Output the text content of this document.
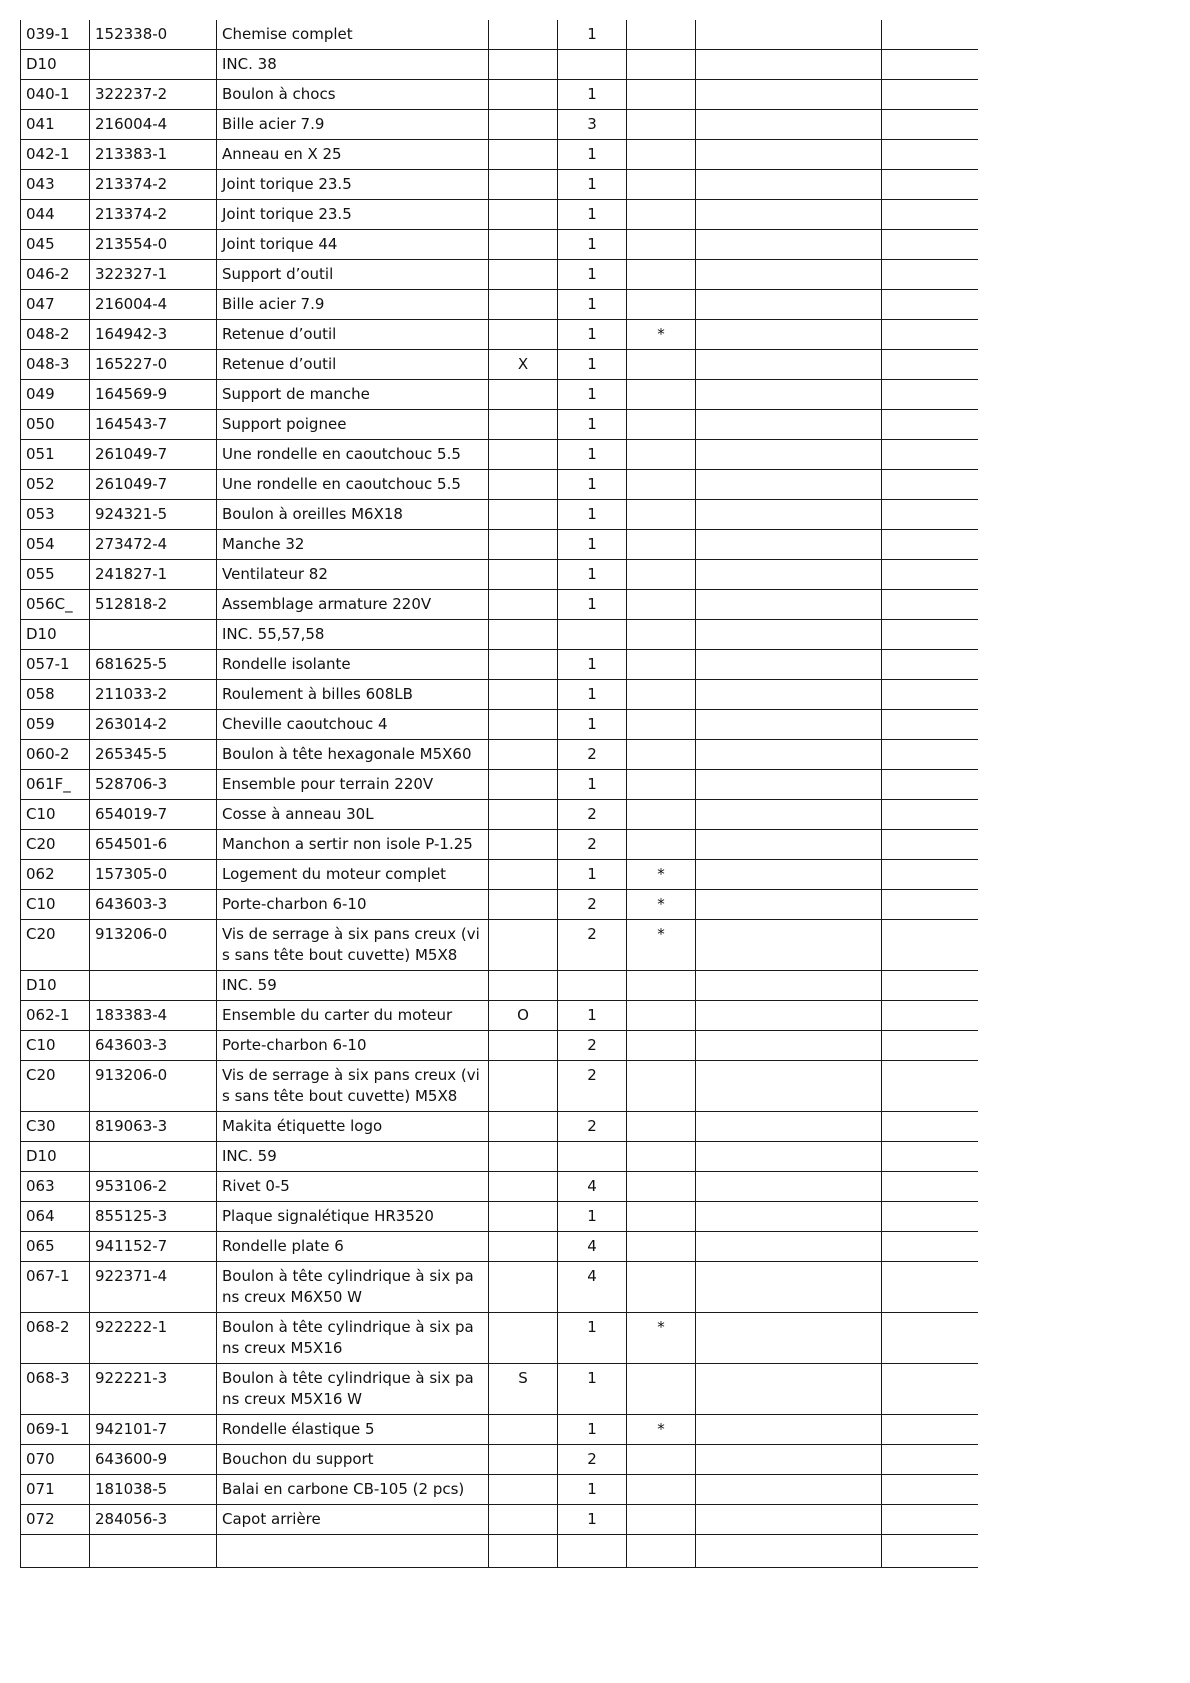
039-1	152338-0	Chemise complet		1			
D10		INC. 38					
040-1	322237-2	Boulon à chocs		1			
041	216004-4	Bille acier 7.9		3			
042-1	213383-1	Anneau en X 25		1			
043	213374-2	Joint torique 23.5		1			
044	213374-2	Joint torique 23.5		1			
045	213554-0	Joint torique 44		1			
046-2	322327-1	Support d’outil		1			
047	216004-4	Bille acier 7.9		1			
048-2	164942-3	Retenue d’outil		1	*		
048-3	165227-0	Retenue d’outil	X	1			
049	164569-9	Support de manche		1			
050	164543-7	Support poignee		1			
051	261049-7	Une rondelle en caoutchouc 5.5		1			
052	261049-7	Une rondelle en caoutchouc 5.5		1			
053	924321-5	Boulon à oreilles M6X18		1			
054	273472-4	Manche 32		1			
055	241827-1	Ventilateur 82		1			
056C_	512818-2	Assemblage armature 220V		1			
D10		INC. 55,57,58					
057-1	681625-5	Rondelle isolante		1			
058	211033-2	Roulement à billes 608LB		1			
059	263014-2	Cheville caoutchouc 4		1			
060-2	265345-5	Boulon à tête hexagonale M5X60		2			
061F_	528706-3	Ensemble pour terrain 220V		1			
C10	654019-7	Cosse à anneau 30L		2			
C20	654501-6	Manchon a sertir non isole P-1.25		2			
062	157305-0	Logement du moteur complet		1	*		
C10	643603-3	Porte-charbon 6-10		2	*		
C20	913206-0	Vis de serrage à six pans creux (vis sans tête bout cuvette) M5X8		2	*		
D10		INC. 59					
062-1	183383-4	Ensemble du carter du moteur	O	1			
C10	643603-3	Porte-charbon 6-10		2			
C20	913206-0	Vis de serrage à six pans creux (vis sans tête bout cuvette) M5X8		2			
C30	819063-3	Makita étiquette logo		2			
D10		INC. 59					
063	953106-2	Rivet 0-5		4			
064	855125-3	Plaque signalétique HR3520		1			
065	941152-7	Rondelle plate 6		4			
067-1	922371-4	Boulon à tête cylindrique à six pans creux M6X50 W		4			
068-2	922222-1	Boulon à tête cylindrique à six pans creux M5X16		1	*		
068-3	922221-3	Boulon à tête cylindrique à six pans creux M5X16 W	S	1			
069-1	942101-7	Rondelle élastique 5		1	*		
070	643600-9	Bouchon du support		2			
071	181038-5	Balai en carbone CB-105 (2 pcs)		1			
072	284056-3	Capot arrière		1			
